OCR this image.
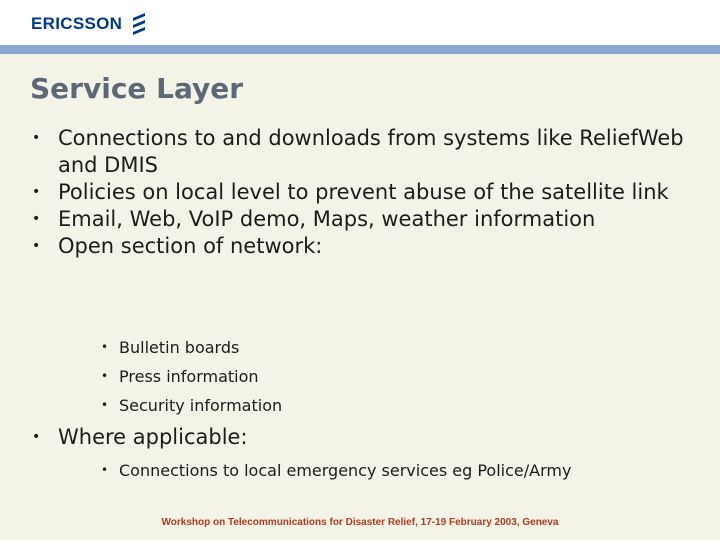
ERICSSON
Service Layer
• Connections to and downloads from systems like ReliefWeb and DMIS
• Policies on local level to prevent abuse of the satellite link
• Email, Web, VoIP demo, Maps, weather information
• Open section of network:
• Bulletin boards
• Press information
• Security information
• Where applicable:
• Connections to local emergency services eg Police/Army
Workshop on Telecommunications for Disaster Relief, 17-19 February 2003, Geneva
